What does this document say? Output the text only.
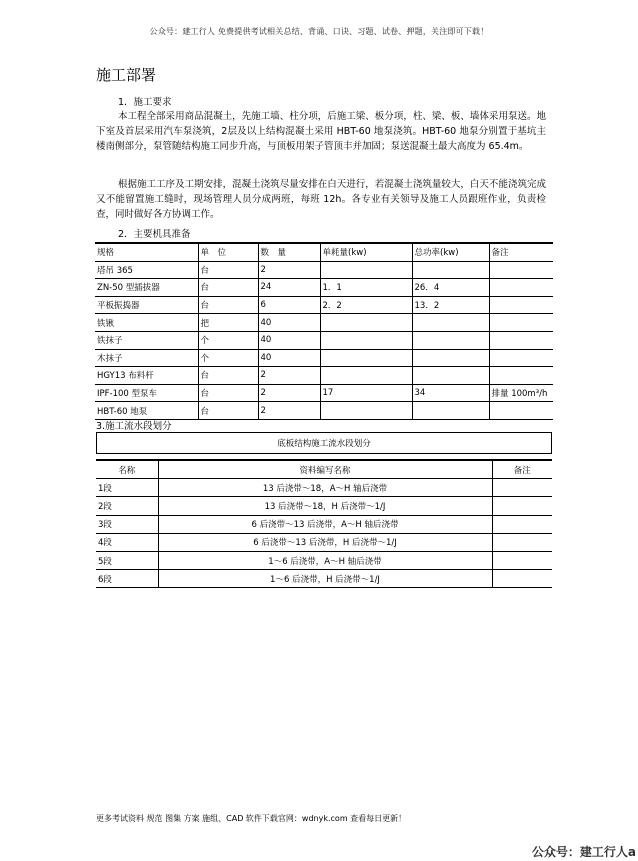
公众号：建工行人 免费提供考试相关总结、背诵、口诀、习题、试卷、押题，关注即可下载！
施工部署
1．施工要求
本工程全部采用商品混凝土，先施工墙、柱分项，后施工梁、板分项，柱、梁、板、墙体采用泵送。地下室及首层采用汽车泵浇筑，2层及以上结构混凝土采用 HBT-60 地泵浇筑。HBT-60 地泵分别置于基坑主楼南侧部分，泵管随结构施工同步升高，与顶板用架子管顶丰并加固；泵送混凝土最大高度为 65.4m。
根据施工工序及工期安排，混凝土浇筑尽量安排在白天进行，若混凝土浇筑量较大，白天不能浇筑完成又不能留置施工缝时，现场管理人员分成两班，每班 12h。各专业有关领导及施工人员跟班作业，负责检查，同时做好各方协调工作。
2．主要机具准备
规格	单　位	数　量	单耗量(kw)	总功率(kw)	备注
塔吊 365	台	2			
ZN-50 型插拔器	台	24	1．1	26．4	
平板振捣器	台	6	2．2	13．2	
铁锹	把	40			
铁抹子	个	40			
木抹子	个	40			
HGY13 布料杆	台	2			
IPF-100 型泵车	台	2	17	34	排量 100m³/h
HBT-60 地泵	台	2			
3.施工流水段划分
底板结构施工流水段划分
名称	资料编写名称	备注
1段	13 后浇带～18，A～H 轴后浇带	
2段	13 后浇带～18，H 后浇带～1/J	
3段	6 后浇带～13 后浇带，A～H 轴后浇带	
4段	6 后浇带～13 后浇带，H 后浇带～1/J	
5段	1～6 后浇带，A～H 轴后浇带	
6段	1～6 后浇带，H 后浇带～1/J	
更多考试资料 规范 图集 方案 施组、CAD 软件下载官网：wdnyk.com 查看每日更新！
公众号：建工行人a
